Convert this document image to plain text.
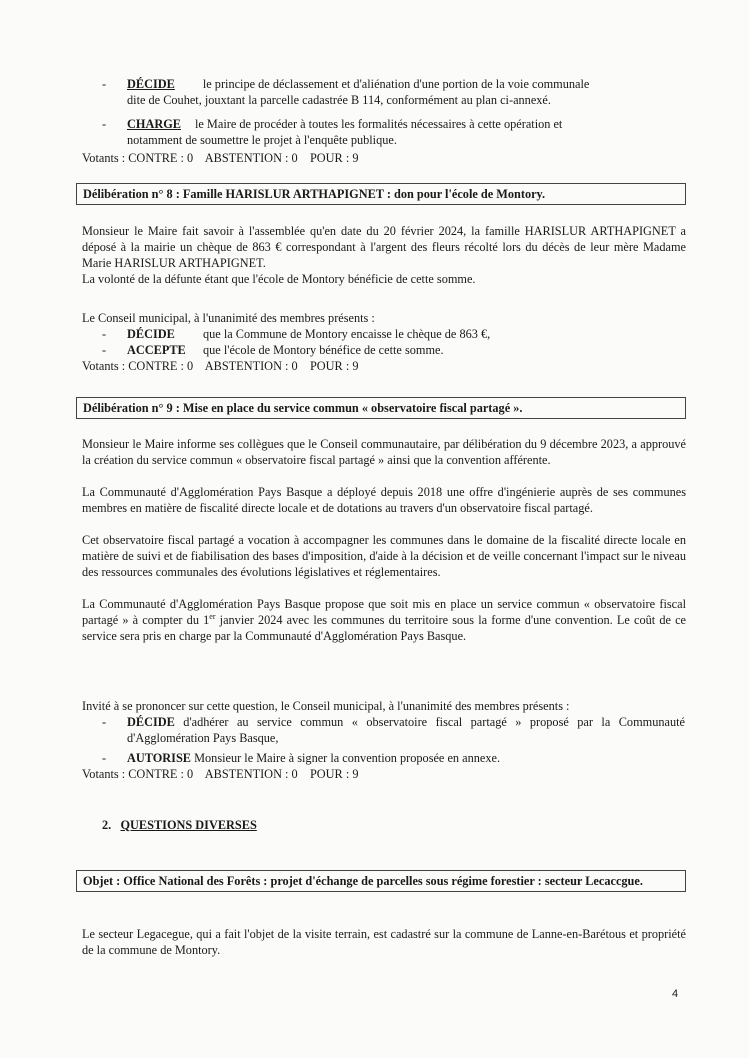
- DÉCIDE le principe de déclassement et d'aliénation d'une portion de la voie communale
dite de Couhet, jouxtant la parcelle cadastrée B 114, conformément au plan ci-annexé.

- CHARGE le Maire de procéder à toutes les formalités nécessaires à cette opération et
notamment de soumettre le projet à l'enquête publique.

Votants : CONTRE : 0    ABSTENTION : 0    POUR : 9

Délibération n° 8 : Famille HARISLUR ARTHAPIGNET : don pour l'école de Montory.

Monsieur le Maire fait savoir à l'assemblée qu'en date du 20 février 2024, la famille HARISLUR ARTHAPIGNET a déposé à la mairie un chèque de 863 € correspondant à l'argent des fleurs récolté lors du décès de leur mère Madame Marie HARISLUR ARTHAPIGNET.

La volonté de la défunte étant que l'école de Montory bénéficie de cette somme.

Le Conseil municipal, à l'unanimité des membres présents :

- DÉCIDE que la Commune de Montory encaisse le chèque de 863 €,

- ACCEPTE que l'école de Montory bénéfice de cette somme.

Votants : CONTRE : 0    ABSTENTION : 0    POUR : 9

Délibération n° 9 : Mise en place du service commun « observatoire fiscal partagé ».

Monsieur le Maire informe ses collègues que le Conseil communautaire, par délibération du 9 décembre 2023, a approuvé la création du service commun « observatoire fiscal partagé » ainsi que la convention afférente.

La Communauté d'Agglomération Pays Basque a déployé depuis 2018 une offre d'ingénierie auprès de ses communes membres en matière de fiscalité directe locale et de dotations au travers d'un observatoire fiscal partagé.

Cet observatoire fiscal partagé a vocation à accompagner les communes dans le domaine de la fiscalité directe locale en matière de suivi et de fiabilisation des bases d'imposition, d'aide à la décision et de veille concernant l'impact sur le niveau des ressources communales des évolutions législatives et réglementaires.

La Communauté d'Agglomération Pays Basque propose que soit mis en place un service commun « observatoire fiscal partagé » à compter du 1er janvier 2024 avec les communes du territoire sous la forme d'une convention. Le coût de ce service sera pris en charge par la Communauté d'Agglomération Pays Basque.

Invité à se prononcer sur cette question, le Conseil municipal, à l'unanimité des membres présents :

- DÉCIDE d'adhérer au service commun « observatoire fiscal partagé » proposé par la Communauté d'Agglomération Pays Basque,

- AUTORISE Monsieur le Maire à signer la convention proposée en annexe.

Votants : CONTRE : 0    ABSTENTION : 0    POUR : 9

2. QUESTIONS DIVERSES
Objet : Office National des Forêts : projet d'échange de parcelles sous régime forestier : secteur Lecaccgue.

Le secteur Legacegue, qui a fait l'objet de la visite terrain, est cadastré sur la commune de Lanne-en-Barétous et propriété de la commune de Montory.

4
